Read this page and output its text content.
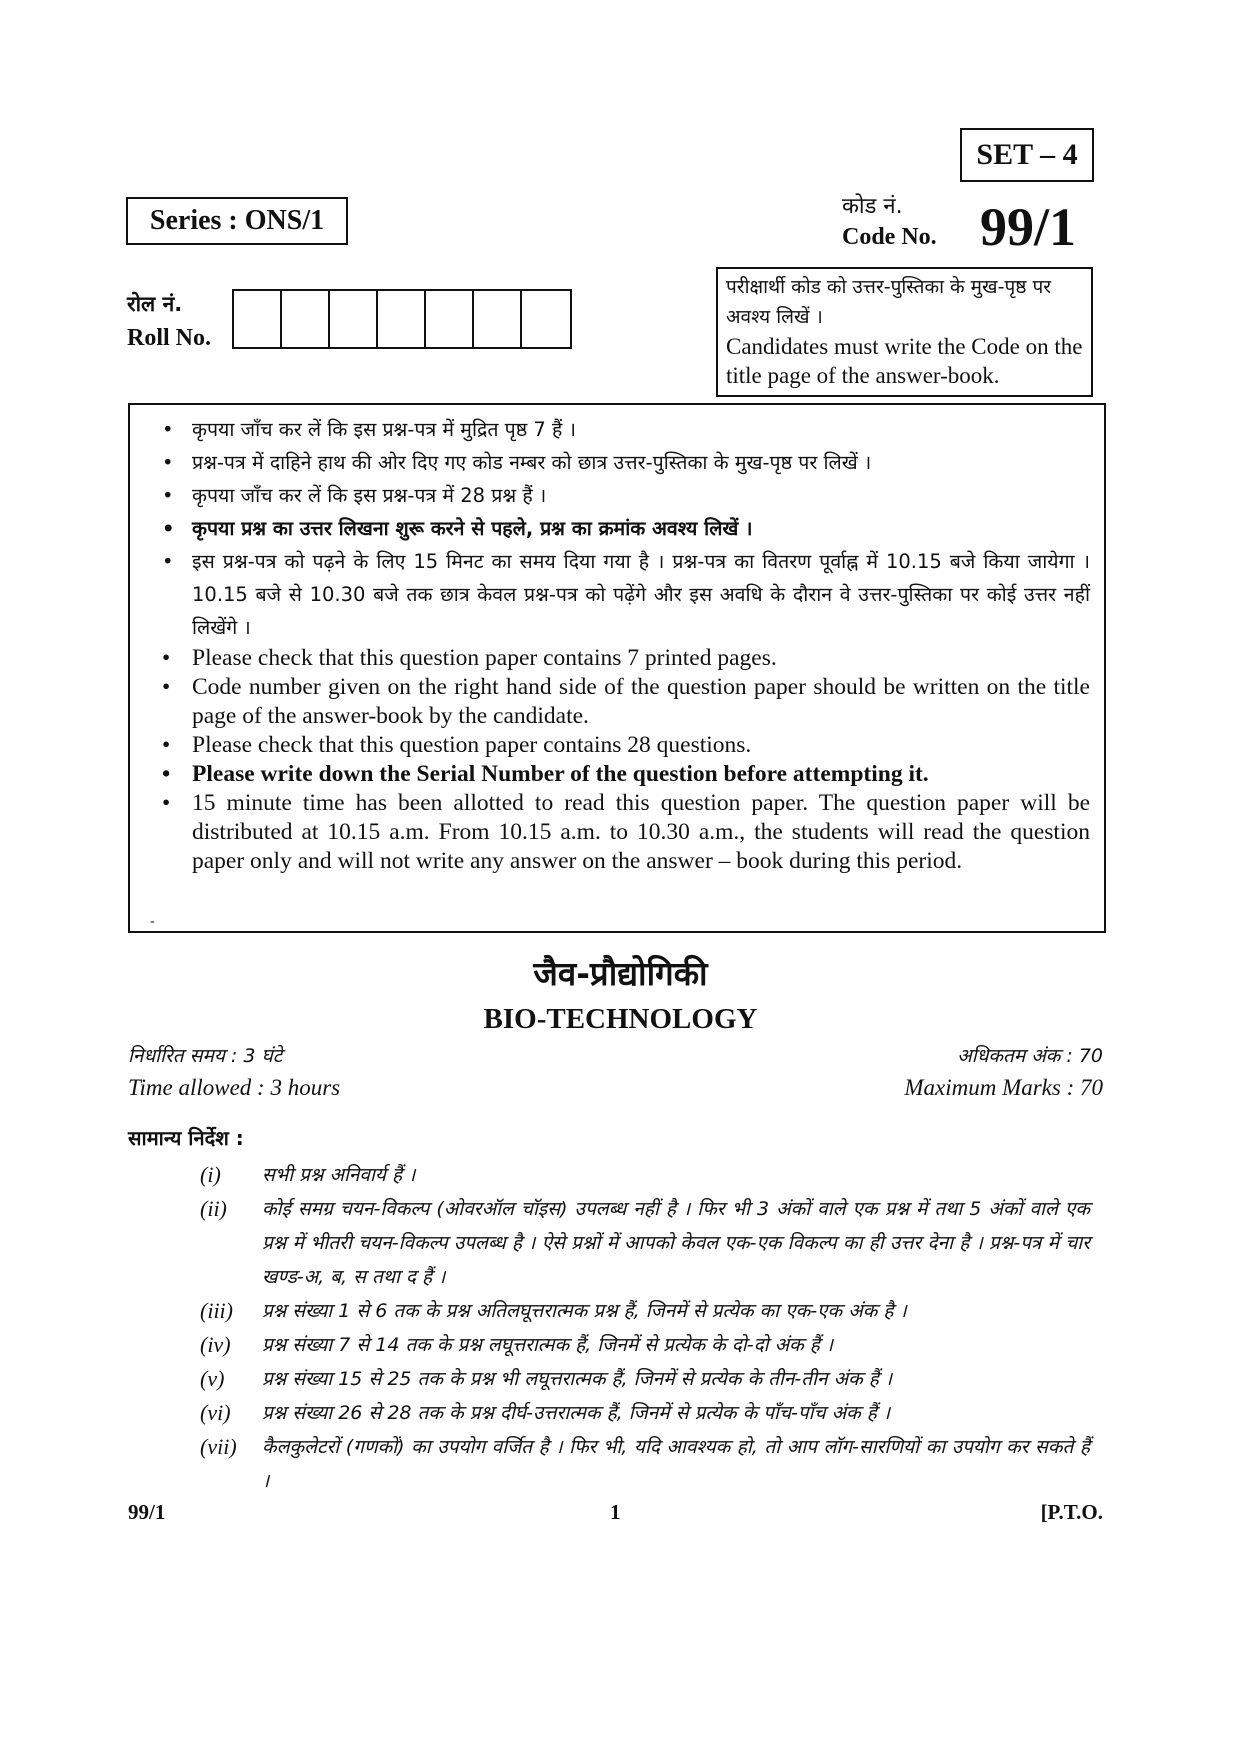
SET – 4
Series : ONS/1	कोड नं.
Code No. 99/1
रोल नं.
Roll No.
परीक्षार्थी कोड को उत्तर-पुस्तिका के मुख-पृष्ठ पर अवश्य लिखें ।
Candidates must write the Code on the title page of the answer-book.
• कृपया जाँच कर लें कि इस प्रश्न-पत्र में मुद्रित पृष्ठ 7 हैं ।
• प्रश्न-पत्र में दाहिने हाथ की ओर दिए गए कोड नम्बर को छात्र उत्तर-पुस्तिका के मुख-पृष्ठ पर लिखें ।
• कृपया जाँच कर लें कि इस प्रश्न-पत्र में 28 प्रश्न हैं ।
• कृपया प्रश्न का उत्तर लिखना शुरू करने से पहले, प्रश्न का क्रमांक अवश्य लिखें ।
• इस प्रश्न-पत्र को पढ़ने के लिए 15 मिनट का समय दिया गया है । प्रश्न-पत्र का वितरण पूर्वाह्न में 10.15 बजे किया जायेगा । 10.15 बजे से 10.30 बजे तक छात्र केवल प्रश्न-पत्र को पढ़ेंगे और इस अवधि के दौरान वे उत्तर-पुस्तिका पर कोई उत्तर नहीं लिखेंगे ।
• Please check that this question paper contains 7 printed pages.
• Code number given on the right hand side of the question paper should be written on the title page of the answer-book by the candidate.
• Please check that this question paper contains 28 questions.
• Please write down the Serial Number of the question before attempting it.
• 15 minute time has been allotted to read this question paper. The question paper will be distributed at 10.15 a.m. From 10.15 a.m. to 10.30 a.m., the students will read the question paper only and will not write any answer on the answer – book during this period.
-
जैव-प्रौद्योगिकी
BIO-TECHNOLOGY
निर्धारित समय : 3 घंटे
Time allowed : 3 hours
अधिकतम अंक : 70
Maximum Marks : 70
सामान्य निर्देश :
(i)	सभी प्रश्न अनिवार्य हैं ।
(ii)	कोई समग्र चयन-विकल्प (ओवरऑल चॉइस) उपलब्ध नहीं है । फिर भी 3 अंकों वाले एक प्रश्न में तथा 5 अंकों वाले एक प्रश्न में भीतरी चयन-विकल्प उपलब्ध है । ऐसे प्रश्नों में आपको केवल एक-एक विकल्प का ही उत्तर देना है । प्रश्न-पत्र में चार खण्ड-अ, ब, स तथा द हैं ।
(iii)	प्रश्न संख्या 1 से 6 तक के प्रश्न अतिलघूत्तरात्मक प्रश्न हैं, जिनमें से प्रत्येक का एक-एक अंक है ।
(iv)	प्रश्न संख्या 7 से 14 तक के प्रश्न लघूत्तरात्मक हैं, जिनमें से प्रत्येक के दो-दो अंक हैं ।
(v)	प्रश्न संख्या 15 से 25 तक के प्रश्न भी लघूत्तरात्मक हैं, जिनमें से प्रत्येक के तीन-तीन अंक हैं ।
(vi)	प्रश्न संख्या 26 से 28 तक के प्रश्न दीर्घ-उत्तरात्मक हैं, जिनमें से प्रत्येक के पाँच-पाँच अंक हैं ।
(vii)	कैलकुलेटरों (गणकों) का उपयोग वर्जित है । फिर भी, यदि आवश्यक हो, तो आप लॉग-सारणियों का उपयोग कर सकते हैं ।
99/1	1	[P.T.O.
